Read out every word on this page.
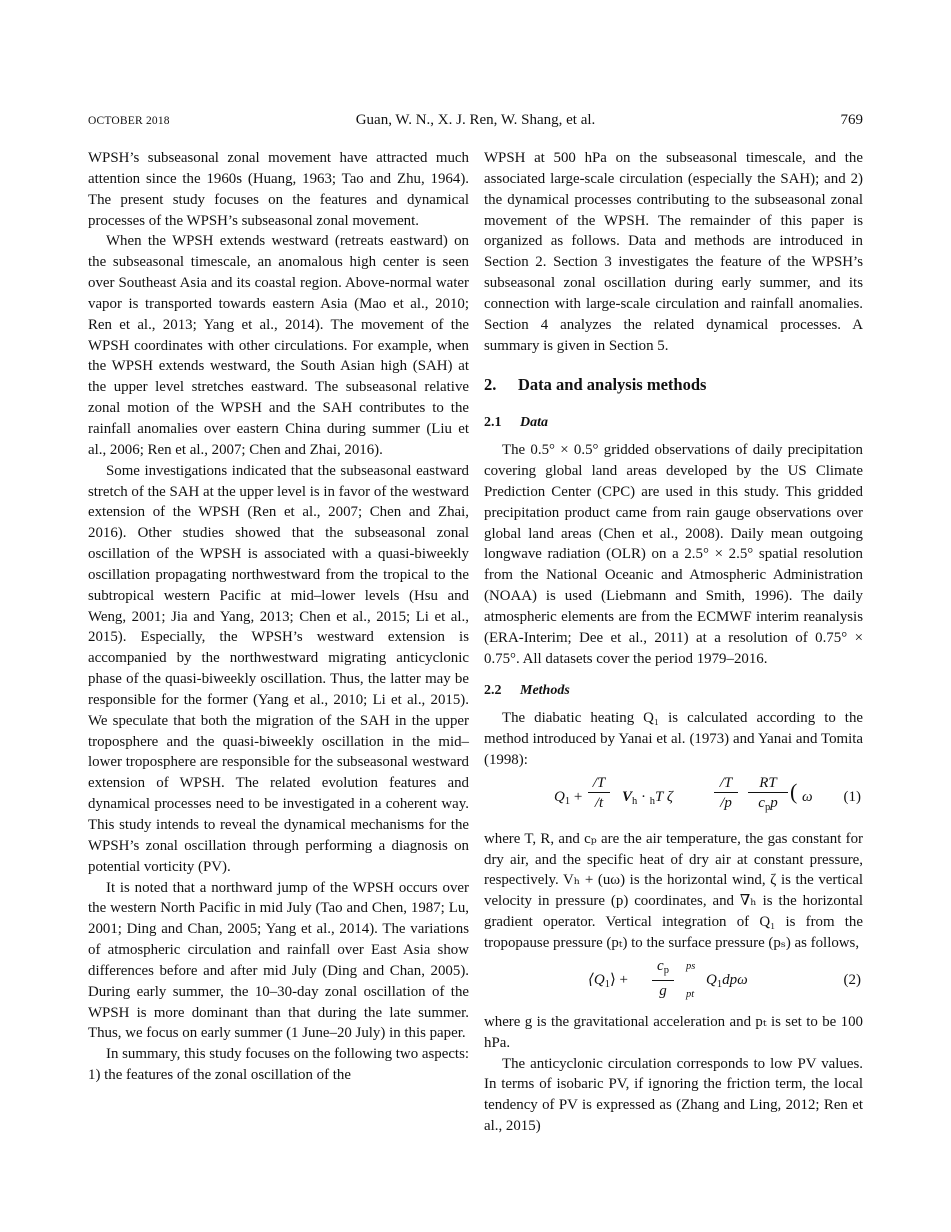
OCTOBER 2018	Guan, W. N., X. J. Ren, W. Shang, et al.	769

WPSH’s subseasonal zonal movement have attracted much attention since the 1960s (Huang, 1963; Tao and Zhu, 1964). The present study focuses on the features and dynamical processes of the WPSH’s subseasonal zonal movement.

When the WPSH extends westward (retreats eastward) on the subseasonal timescale, an anomalous high center is seen over Southeast Asia and its coastal region. Above-normal water vapor is transported towards eastern Asia (Mao et al., 2010; Ren et al., 2013; Yang et al., 2014). The movement of the WPSH coordinates with other circulations. For example, when the WPSH extends westward, the South Asian high (SAH) at the upper level stretches eastward. The subseasonal relative zonal motion of the WPSH and the SAH contributes to the rainfall anomalies over eastern China during summer (Liu et al., 2006; Ren et al., 2007; Chen and Zhai, 2016).

Some investigations indicated that the subseasonal eastward stretch of the SAH at the upper level is in favor of the westward extension of the WPSH (Ren et al., 2007; Chen and Zhai, 2016). Other studies showed that the subseasonal zonal oscillation of the WPSH is associated with a quasi-biweekly oscillation propagating northwestward from the tropical to the subtropical western Pacific at mid–lower levels (Hsu and Weng, 2001; Jia and Yang, 2013; Chen et al., 2015; Li et al., 2015). Especially, the WPSH’s westward extension is accompanied by the northwestward migrating anticyclonic phase of the quasi-biweekly oscillation. Thus, the latter may be responsible for the former (Yang et al., 2010; Li et al., 2015). We speculate that both the migration of the SAH in the upper troposphere and the quasi-biweekly oscillation in the mid–lower troposphere are responsible for the subseasonal westward extension of WPSH. The related evolution features and dynamical processes need to be investigated in a coherent way. This study intends to reveal the dynamical mechanisms for the WPSH’s zonal oscillation through performing a diagnosis on potential vorticity (PV).

It is noted that a northward jump of the WPSH occurs over the western North Pacific in mid July (Tao and Chen, 1987; Lu, 2001; Ding and Chan, 2005; Yang et al., 2014). The variations of atmospheric circulation and rainfall over East Asia show differences before and after mid July (Ding and Chan, 2005). During early summer, the 10–30-day zonal oscillation of the WPSH is more dominant than that during the late summer. Thus, we focus on early summer (1 June–20 July) in this paper.

In summary, this study focuses on the following two aspects: 1) the features of the zonal oscillation of the

WPSH at 500 hPa on the subseasonal timescale, and the associated large-scale circulation (especially the SAH); and 2) the dynamical processes contributing to the subseasonal zonal movement of the WPSH. The remainder of this paper is organized as follows. Data and methods are introduced in Section 2. Section 3 investigates the feature of the WPSH’s subseasonal zonal oscillation during early summer, and its connection with large-scale circulation and rainfall anomalies. Section 4 analyzes the related dynamical processes. A summary is given in Section 5.

2. Data and analysis methods
2.1 Data

The 0.5° × 0.5° gridded observations of daily precipitation covering global land areas developed by the US Climate Prediction Center (CPC) are used in this study. This gridded precipitation product came from rain gauge observations over global land areas (Chen et al., 2008). Daily mean outgoing longwave radiation (OLR) on a 2.5° × 2.5° spatial resolution from the National Oceanic and Atmospheric Administration (NOAA) is used (Liebmann and Smith, 1996). The daily atmospheric elements are from the ECMWF interim reanalysis (ERA-Interim; Dee et al., 2011) at a resolution of 0.75° × 0.75°. All datasets cover the period 1979–2016.

2.2 Methods

The diabatic heating Q₁ is calculated according to the method introduced by Yanai et al. (1973) and Yanai and Tomita (1998):

$Q_1 + \frac{/T}{/t} V_h \cdot _hT$ ζ	$\frac{/T}{/p}$	RT
$c_pp$ ( ω (1)

where T, R, and cₚ are the air temperature, the gas constant for dry air, and the specific heat of dry air at constant pressure, respectively. Vₕ + (uω) is the horizontal wind, ζ is the vertical velocity in pressure (p) coordinates, and ∇ₕ is the horizontal gradient operator. Vertical integration of Q₁ is from the tropopause pressure (pₜ) to the surface pressure (pₛ) as follows,

$⟨Q_1⟩ + \frac{c_p}{g}$ ps
pt
$Q_1dp\omega$	(2)

where g is the gravitational acceleration and pₜ is set to be 100 hPa.

The anticyclonic circulation corresponds to low PV values. In terms of isobaric PV, if ignoring the friction term, the local tendency of PV is expressed as (Zhang and Ling, 2012; Ren et al., 2015)
